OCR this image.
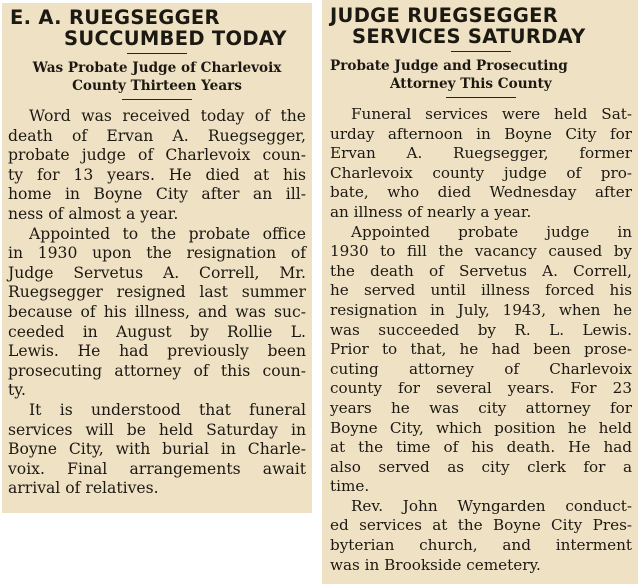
E. A. RUEGSEGGER
SUCCUMBED TODAY
Was Probate Judge of Charlevoix
County Thirteen Years
Word was received today of the
death of Ervan A. Ruegsegger,
probate judge of Charlevoix coun-
ty for 13 years. He died at his
home in Boyne City after an ill-
ness of almost a year.
Appointed to the probate office
in 1930 upon the resignation of
Judge Servetus A. Correll, Mr.
Ruegsegger resigned last summer
because of his illness, and was suc-
ceeded in August by Rollie L.
Lewis. He had previously been
prosecuting attorney of this coun-
ty.
It is understood that funeral
services will be held Saturday in
Boyne City, with burial in Charle-
voix. Final arrangements await
arrival of relatives.
JUDGE RUEGSEGGER
SERVICES SATURDAY
Probate Judge and Prosecuting
Attorney This County
Funeral services were held Sat-
urday afternoon in Boyne City for
Ervan A. Ruegsegger, former
Charlevoix county judge of pro-
bate, who died Wednesday after
an illness of nearly a year.
Appointed probate judge in
1930 to fill the vacancy caused by
the death of Servetus A. Correll,
he served until illness forced his
resignation in July, 1943, when he
was succeeded by R. L. Lewis.
Prior to that, he had been prose-
cuting attorney of Charlevoix
county for several years. For 23
years he was city attorney for
Boyne City, which position he held
at the time of his death. He had
also served as city clerk for a
time.
Rev. John Wyngarden conduct-
ed services at the Boyne City Pres-
byterian church, and interment
was in Brookside cemetery.
